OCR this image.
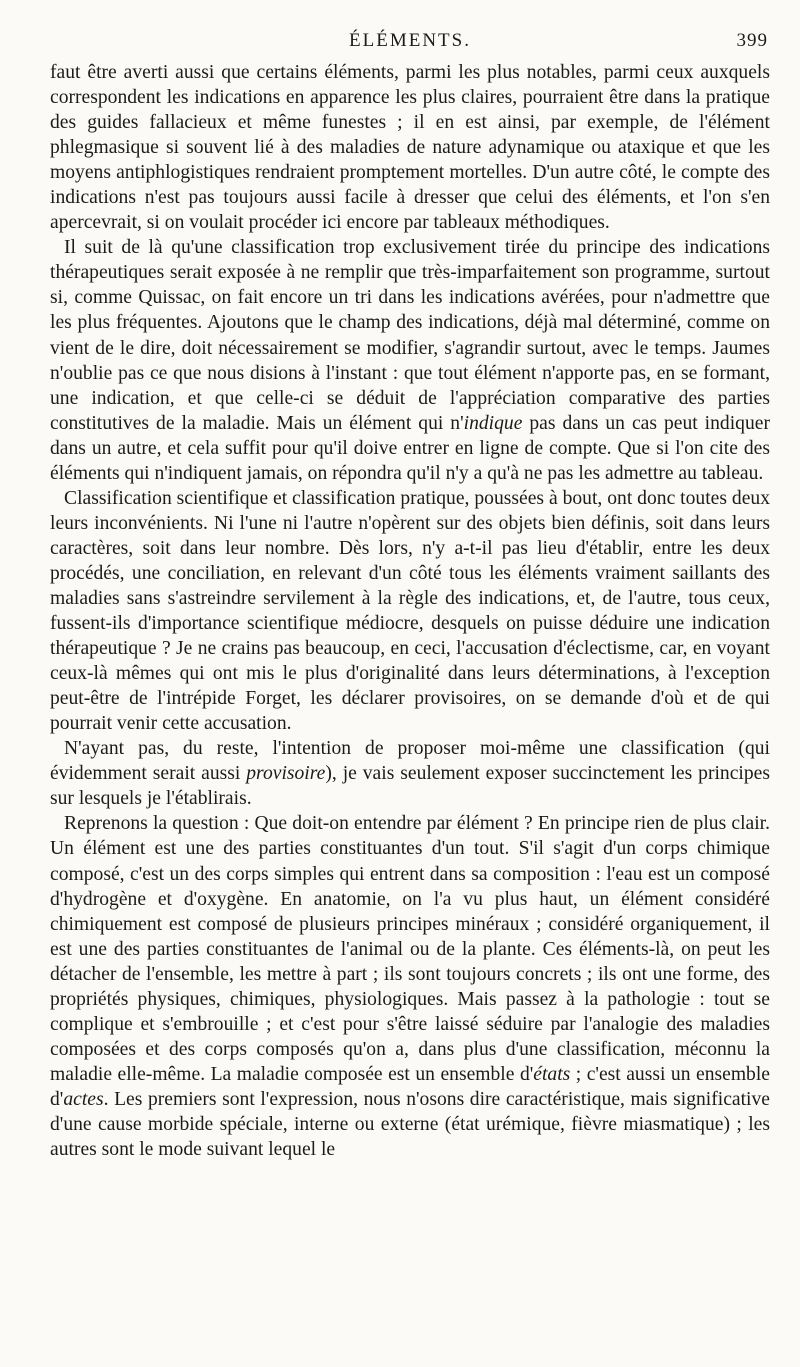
ÉLÉMENTS.	399

faut être averti aussi que certains éléments, parmi les plus notables, parmi ceux auxquels correspondent les indications en apparence les plus claires, pourraient être dans la pratique des guides fallacieux et même funestes ; il en est ainsi, par exemple, de l'élément phlegmasique si souvent lié à des maladies de nature adynamique ou ataxique et que les moyens antiphlogistiques rendraient promptement mortelles. D'un autre côté, le compte des indications n'est pas toujours aussi facile à dresser que celui des éléments, et l'on s'en apercevrait, si on voulait procéder ici encore par tableaux méthodiques.

Il suit de là qu'une classification trop exclusivement tirée du principe des indications thérapeutiques serait exposée à ne remplir que très-imparfaitement son programme, surtout si, comme Quissac, on fait encore un tri dans les indications avérées, pour n'admettre que les plus fréquentes. Ajoutons que le champ des indications, déjà mal déterminé, comme on vient de le dire, doit nécessairement se modifier, s'agrandir surtout, avec le temps. Jaumes n'oublie pas ce que nous disions à l'instant : que tout élément n'apporte pas, en se formant, une indication, et que celle-ci se déduit de l'appréciation comparative des parties constitutives de la maladie. Mais un élément qui n'indique pas dans un cas peut indiquer dans un autre, et cela suffit pour qu'il doive entrer en ligne de compte. Que si l'on cite des éléments qui n'indiquent jamais, on répondra qu'il n'y a qu'à ne pas les admettre au tableau.

Classification scientifique et classification pratique, poussées à bout, ont donc toutes deux leurs inconvénients. Ni l'une ni l'autre n'opèrent sur des objets bien définis, soit dans leurs caractères, soit dans leur nombre. Dès lors, n'y a-t-il pas lieu d'établir, entre les deux procédés, une conciliation, en relevant d'un côté tous les éléments vraiment saillants des maladies sans s'astreindre servilement à la règle des indications, et, de l'autre, tous ceux, fussent-ils d'importance scientifique médiocre, desquels on puisse déduire une indication thérapeutique ? Je ne crains pas beaucoup, en ceci, l'accusation d'éclectisme, car, en voyant ceux-là mêmes qui ont mis le plus d'originalité dans leurs déterminations, à l'exception peut-être de l'intrépide Forget, les déclarer provisoires, on se demande d'où et de qui pourrait venir cette accusation.

N'ayant pas, du reste, l'intention de proposer moi-même une classification (qui évidemment serait aussi provisoire), je vais seulement exposer succinctement les principes sur lesquels je l'établirais.

Reprenons la question : Que doit-on entendre par élément ? En principe rien de plus clair. Un élément est une des parties constituantes d'un tout. S'il s'agit d'un corps chimique composé, c'est un des corps simples qui entrent dans sa composition : l'eau est un composé d'hydrogène et d'oxygène. En anatomie, on l'a vu plus haut, un élément considéré chimiquement est composé de plusieurs principes minéraux ; considéré organiquement, il est une des parties constituantes de l'animal ou de la plante. Ces éléments-là, on peut les détacher de l'ensemble, les mettre à part ; ils sont toujours concrets ; ils ont une forme, des propriétés physiques, chimiques, physiologiques. Mais passez à la pathologie : tout se complique et s'embrouille ; et c'est pour s'être laissé séduire par l'analogie des maladies composées et des corps composés qu'on a, dans plus d'une classification, méconnu la maladie elle-même. La maladie composée est un ensemble d'états ; c'est aussi un ensemble d'actes. Les premiers sont l'expression, nous n'osons dire caractéristique, mais significative d'une cause morbide spéciale, interne ou externe (état urémique, fièvre miasmatique) ; les autres sont le mode suivant lequel le
